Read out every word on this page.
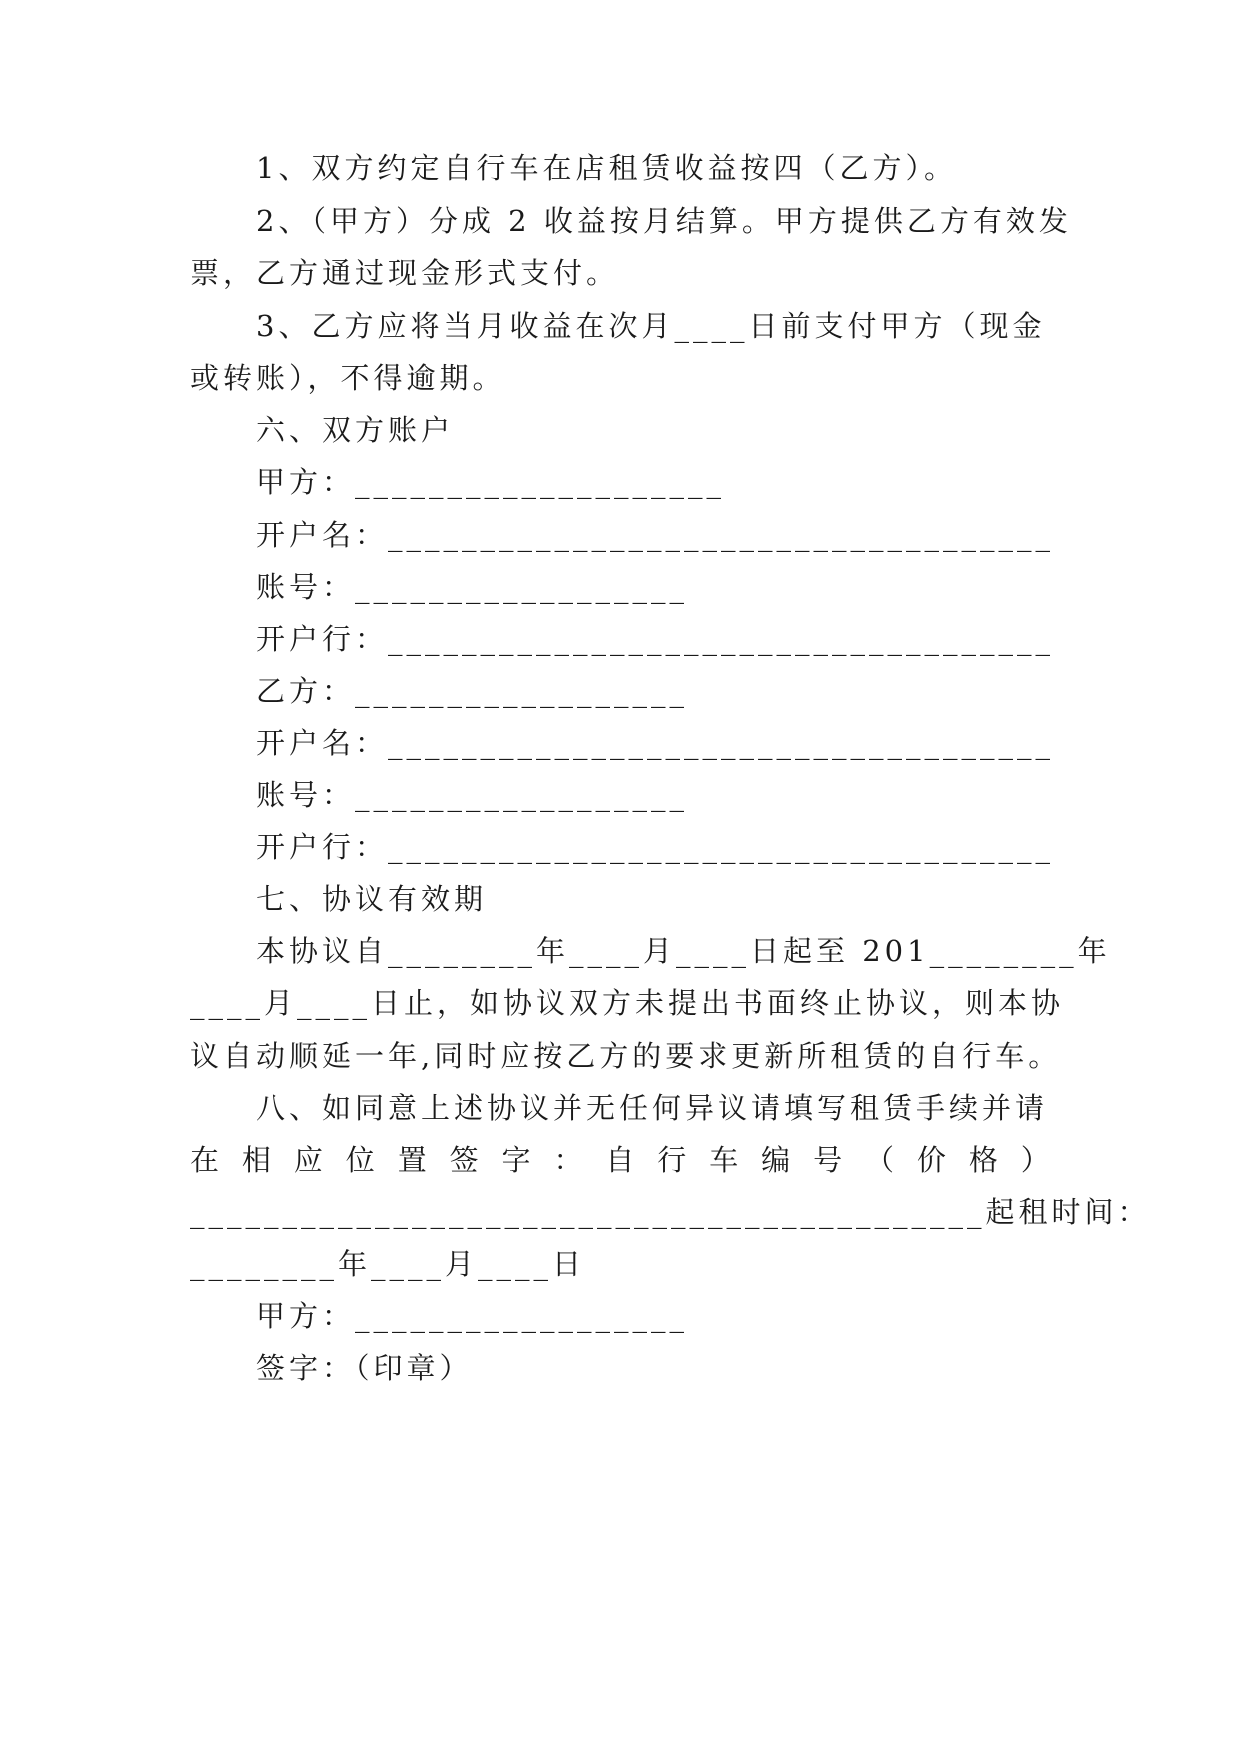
1、双方约定自行车在店租赁收益按四（乙方）。
2、（甲方）分成 2 收益按月结算。甲方提供乙方有效发
票，乙方通过现金形式支付。
3、乙方应将当月收益在次月____日前支付甲方（现金
或转账），不得逾期。
六、双方账户
甲方：____________________
开户名：____________________________________
账号：__________________
开户行：____________________________________
乙方：__________________
开户名：____________________________________
账号：__________________
开户行：____________________________________
七、协议有效期
本协议自________年____月____日起至 201________年
____月____日止，如协议双方未提出书面终止协议，则本协
议自动顺延一年,同时应按乙方的要求更新所租赁的自行车。
八、如同意上述协议并无任何异议请填写租赁手续并请
在 相 应 位 置 签 字 ： 自 行 车 编 号 （ 价 格 ）
___________________________________________起租时间：
________年____月____日
甲方：__________________
签字：（印章）
